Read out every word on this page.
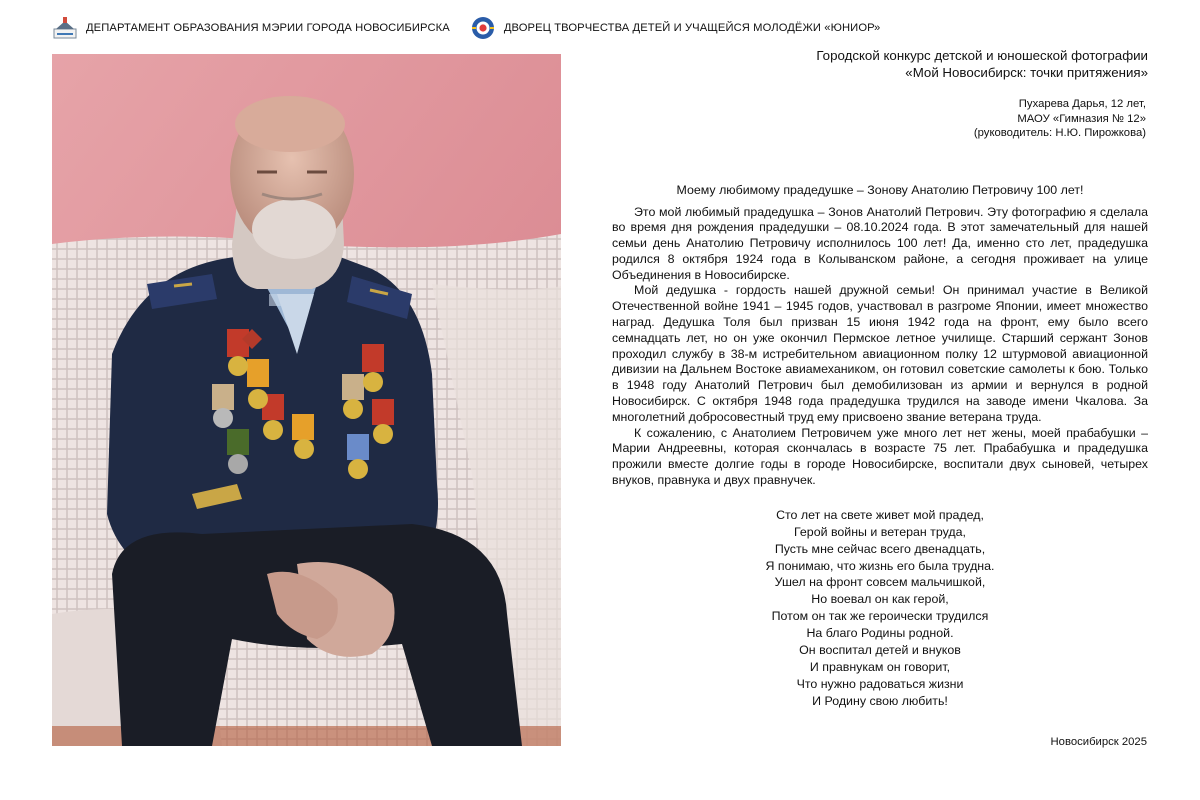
ДЕПАРТАМЕНТ ОБРАЗОВАНИЯ МЭРИИ ГОРОДА НОВОСИБИРСКА	ДВОРЕЦ ТВОРЧЕСТВА ДЕТЕЙ И УЧАЩЕЙСЯ МОЛОДЁЖИ «ЮНИОР»
Городской конкурс детской и юношеской фотографии
«Мой Новосибирск: точки притяжения»
Пухарева Дарья, 12 лет,
МАОУ «Гимназия № 12»
(руководитель: Н.Ю. Пирожкова)
Моему любимому прадедушке – Зонову Анатолию Петровичу 100 лет!

Это мой любимый прадедушка – Зонов Анатолий Петрович. Эту фотографию я сделала во время дня рождения прадедушки – 08.10.2024 года. В этот замечательный для нашей семьи день Анатолию Петровичу исполнилось 100 лет! Да, именно сто лет, прадедушка родился 8 октября 1924 года в Колыванском районе, а сегодня проживает на улице Объединения в Новосибирске.

Мой дедушка - гордость нашей дружной семьи! Он принимал участие в Великой Отечественной войне 1941 – 1945 годов, участвовал в разгроме Японии, имеет множество наград. Дедушка Толя был призван 15 июня 1942 года на фронт, ему было всего семнадцать лет, но он уже окончил Пермское летное училище. Старший сержант Зонов проходил службу в 38-м истребительном авиационном полку 12 штурмовой авиационной дивизии на Дальнем Востоке авиамехаником, он готовил советские самолеты к бою. Только в 1948 году Анатолий Петрович был демобилизован из армии и вернулся в родной Новосибирск. С октября 1948 года прадедушка трудился на заводе имени Чкалова. За многолетний добросовестный труд ему присвоено звание ветерана труда.

К сожалению, с Анатолием Петровичем уже много лет нет жены, моей прабабушки – Марии Андреевны, которая скончалась в возрасте 75 лет. Прабабушка и прадедушка прожили вместе долгие годы в городе Новосибирске, воспитали двух сыновей, четырех внуков, правнука и двух правнучек.

Сто лет на свете живет мой прадед,
Герой войны и ветеран труда,
Пусть мне сейчас всего двенадцать,
Я понимаю, что жизнь его была трудна.
Ушел на фронт совсем мальчишкой,
Но воевал он как герой,
Потом он так же героически трудился
На благо Родины родной.
Он воспитал детей и внуков
И правнукам он говорит,
Что нужно радоваться жизни
И Родину свою любить!
Новосибирск 2025
